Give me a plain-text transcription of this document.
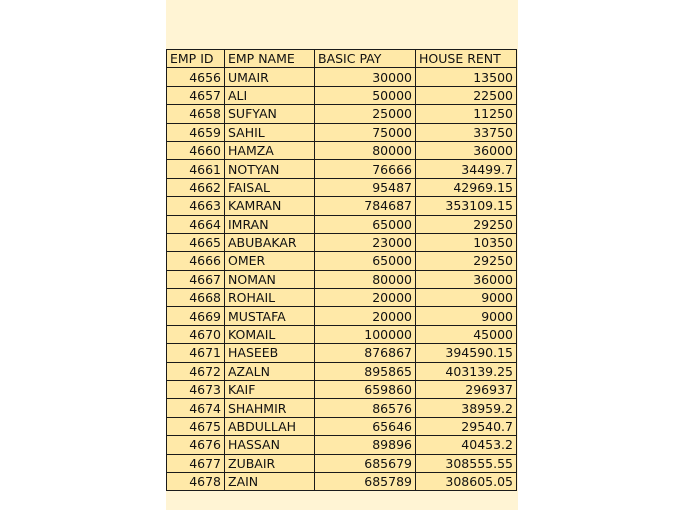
EMP ID	EMP NAME	BASIC PAY	HOUSE RENT
4656	UMAIR	30000	13500
4657	ALI	50000	22500
4658	SUFYAN	25000	11250
4659	SAHIL	75000	33750
4660	HAMZA	80000	36000
4661	NOTYAN	76666	34499.7
4662	FAISAL	95487	42969.15
4663	KAMRAN	784687	353109.15
4664	IMRAN	65000	29250
4665	ABUBAKAR	23000	10350
4666	OMER	65000	29250
4667	NOMAN	80000	36000
4668	ROHAIL	20000	9000
4669	MUSTAFA	20000	9000
4670	KOMAIL	100000	45000
4671	HASEEB	876867	394590.15
4672	AZALN	895865	403139.25
4673	KAIF	659860	296937
4674	SHAHMIR	86576	38959.2
4675	ABDULLAH	65646	29540.7
4676	HASSAN	89896	40453.2
4677	ZUBAIR	685679	308555.55
4678	ZAIN	685789	308605.05
